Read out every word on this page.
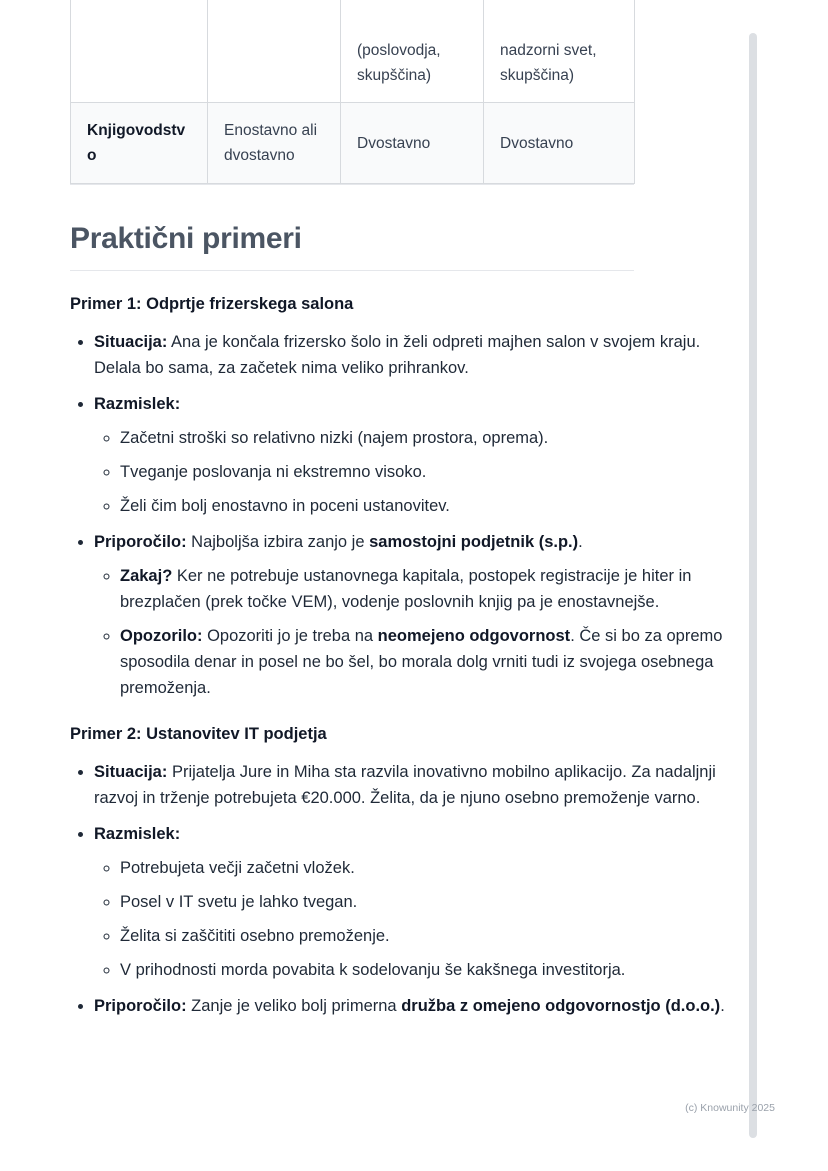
		(poslovodja, skupščina)	nadzorni svet, skupščina)
Knjigovodstvo	Enostavno ali dvostavno	Dvostavno	Dvostavno
Praktični primeri
Primer 1: Odprtje frizerskega salona
• Situacija: Ana je končala frizersko šolo in želi odpreti majhen salon v svojem kraju. Delala bo sama, za začetek nima veliko prihrankov.
• Razmislek:
◦ Začetni stroški so relativno nizki (najem prostora, oprema).
◦ Tveganje poslovanja ni ekstremno visoko.
◦ Želi čim bolj enostavno in poceni ustanovitev.
• Priporočilo: Najboljša izbira zanjo je samostojni podjetnik (s.p.).
◦ Zakaj? Ker ne potrebuje ustanovnega kapitala, postopek registracije je hiter in brezplačen (prek točke VEM), vodenje poslovnih knjig pa je enostavnejše.
◦ Opozorilo: Opozoriti jo je treba na neomejeno odgovornost. Če si bo za opremo sposodila denar in posel ne bo šel, bo morala dolg vrniti tudi iz svojega osebnega premoženja.
Primer 2: Ustanovitev IT podjetja
• Situacija: Prijatelja Jure in Miha sta razvila inovativno mobilno aplikacijo. Za nadaljnji razvoj in trženje potrebujeta €20.000. Želita, da je njuno osebno premoženje varno.
• Razmislek:
◦ Potrebujeta večji začetni vložek.
◦ Posel v IT svetu je lahko tvegan.
◦ Želita si zaščititi osebno premoženje.
◦ V prihodnosti morda povabita k sodelovanju še kakšnega investitorja.
• Priporočilo: Zanje je veliko bolj primerna družba z omejeno odgovornostjo (d.o.o.).
(c) Knowunity 2025
